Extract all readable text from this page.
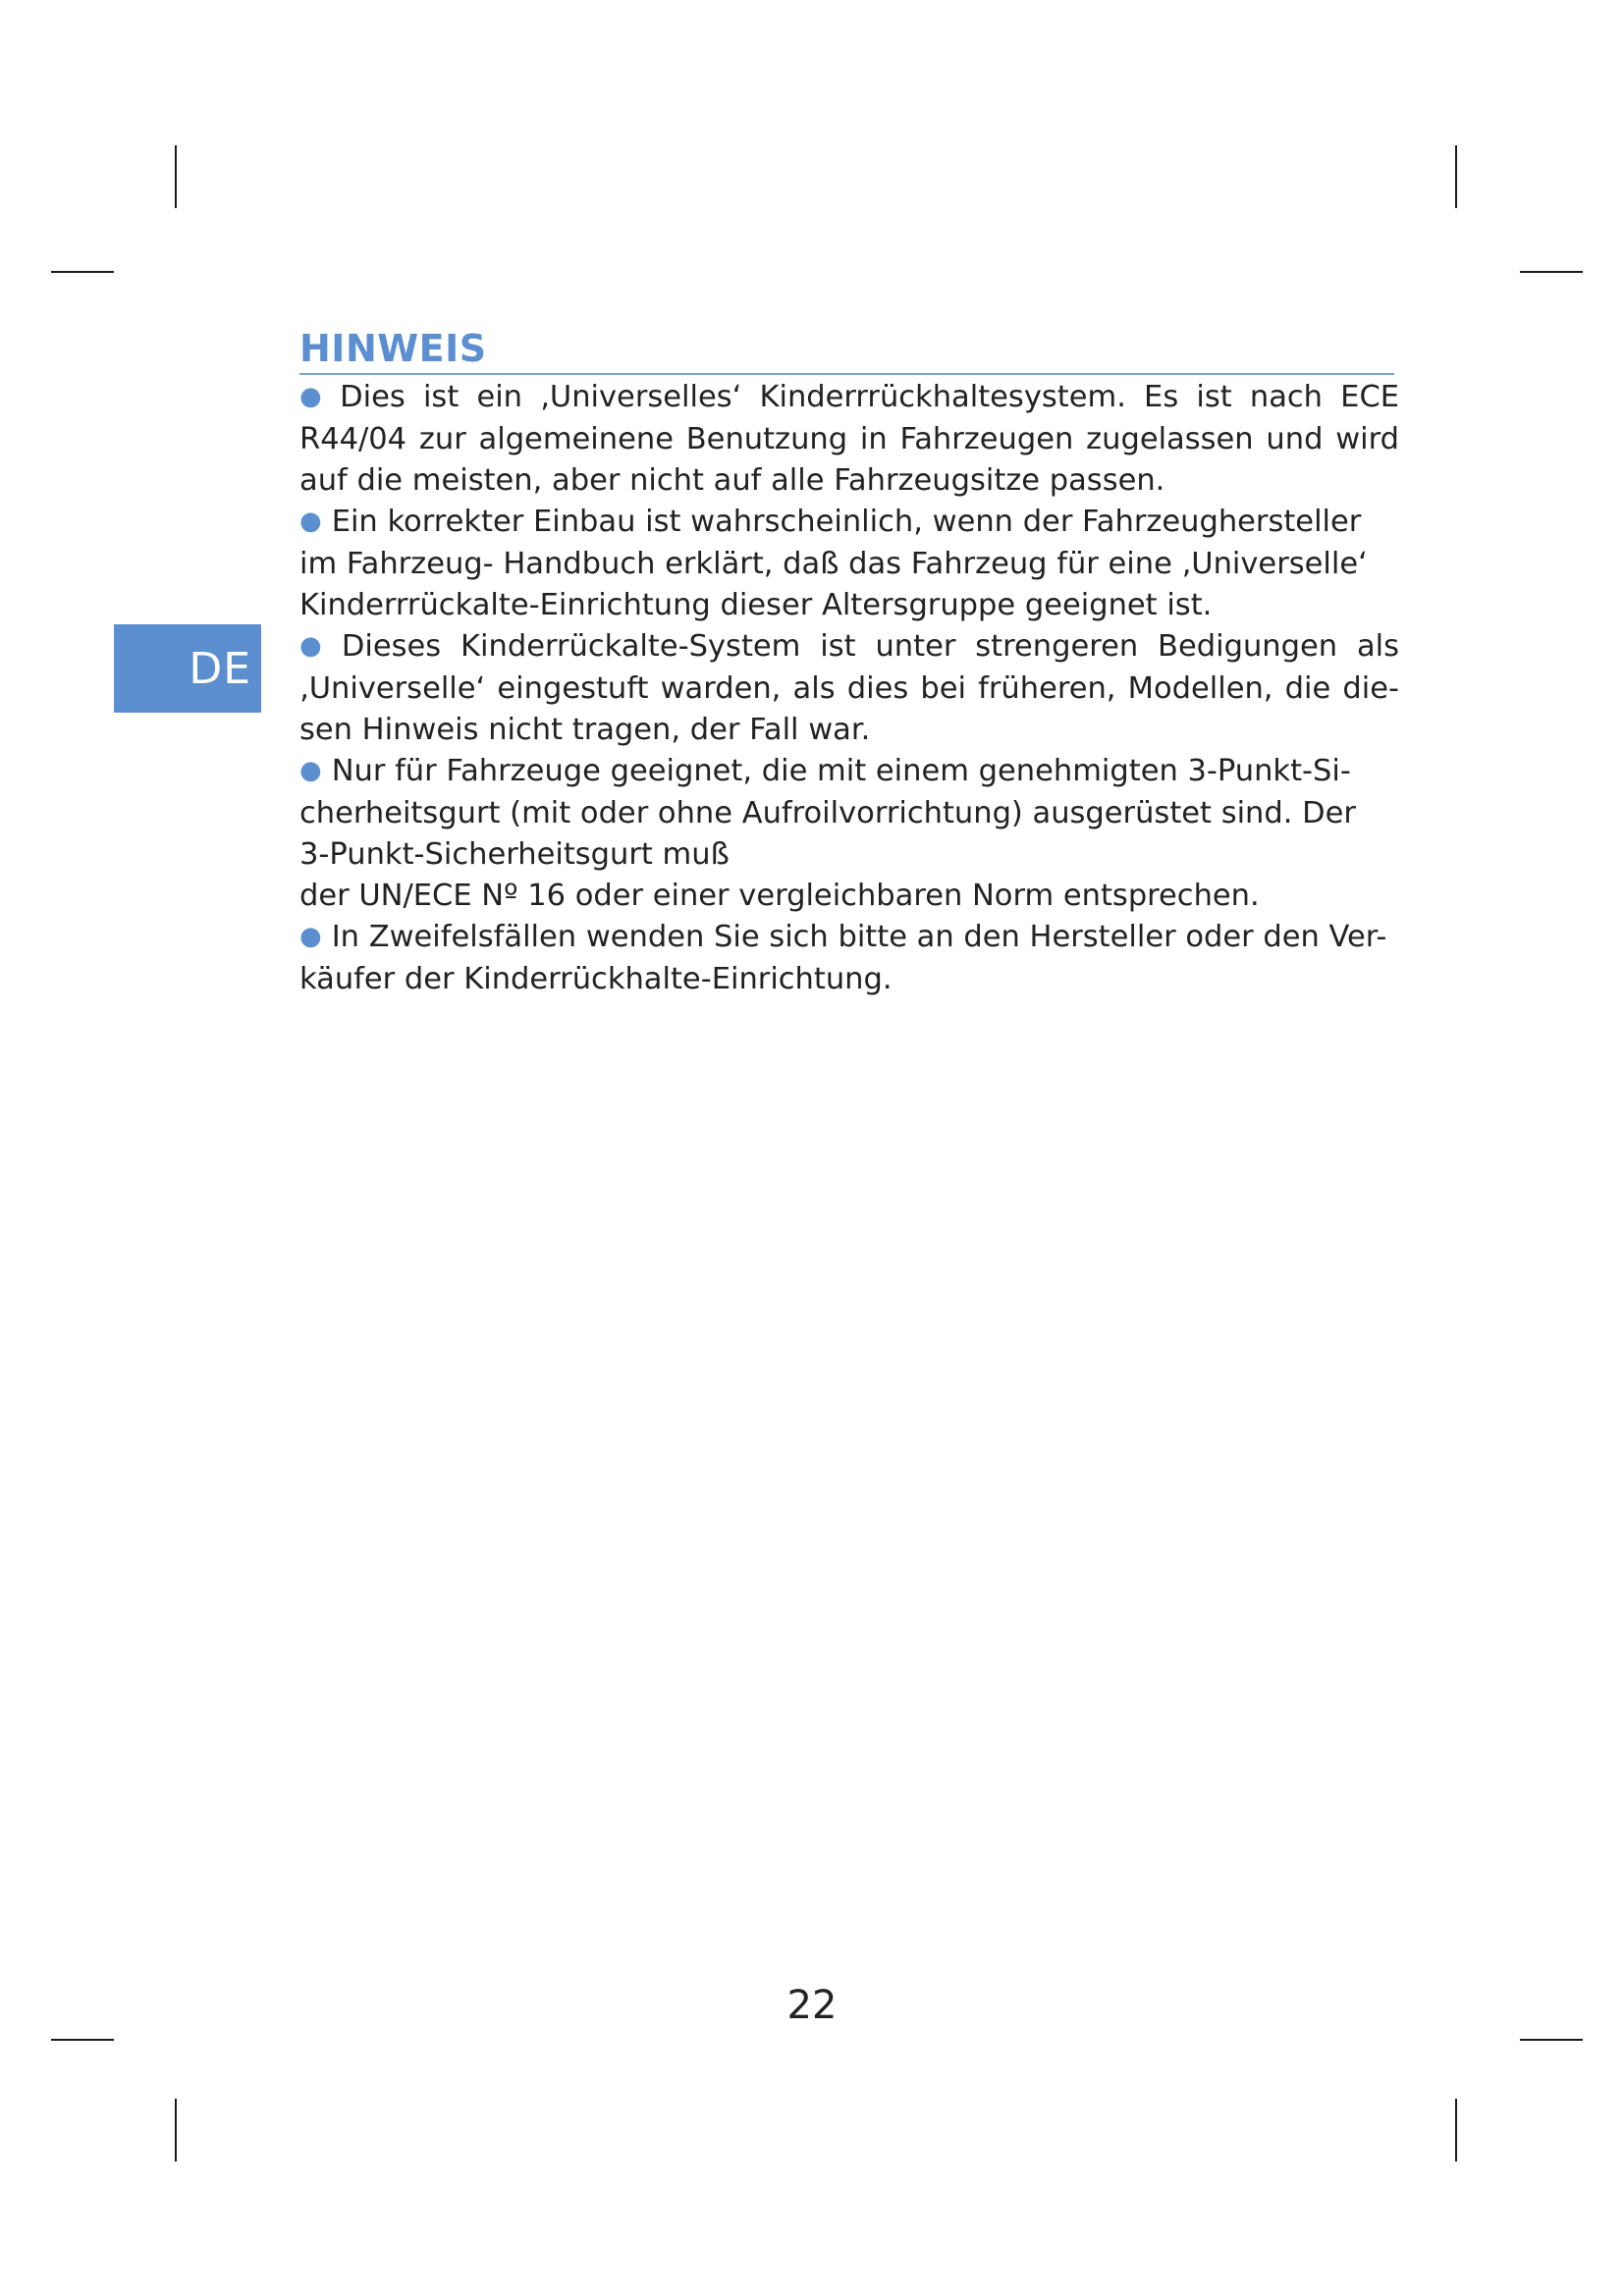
DE
HINWEIS
● Dies ist ein ‚Universelles‘ Kinderrrückhaltesystem. Es ist nach ECE
R44/04 zur algemeinene Benutzung in Fahrzeugen zugelassen und wird
auf die meisten, aber nicht auf alle Fahrzeugsitze passen.
● Ein korrekter Einbau ist wahrscheinlich, wenn der Fahrzeughersteller
im Fahrzeug- Handbuch erklärt, daß das Fahrzeug für eine ‚Universelle‘
Kinderrrückalte-Einrichtung dieser Altersgruppe geeignet ist.
● Dieses Kinderrückalte-System ist unter strengeren Bedigungen als
‚Universelle‘ eingestuft warden, als dies bei früheren, Modellen, die die-
sen Hinweis nicht tragen, der Fall war.
● Nur für Fahrzeuge geeignet, die mit einem genehmigten 3-Punkt-Si-
cherheitsgurt (mit oder ohne Aufroilvorrichtung) ausgerüstet sind. Der
3-Punkt-Sicherheitsgurt muß
der UN/ECE Nº 16 oder einer vergleichbaren Norm entsprechen.
● In Zweifelsfällen wenden Sie sich bitte an den Hersteller oder den Ver-
käufer der Kinderrückhalte-Einrichtung.
22
